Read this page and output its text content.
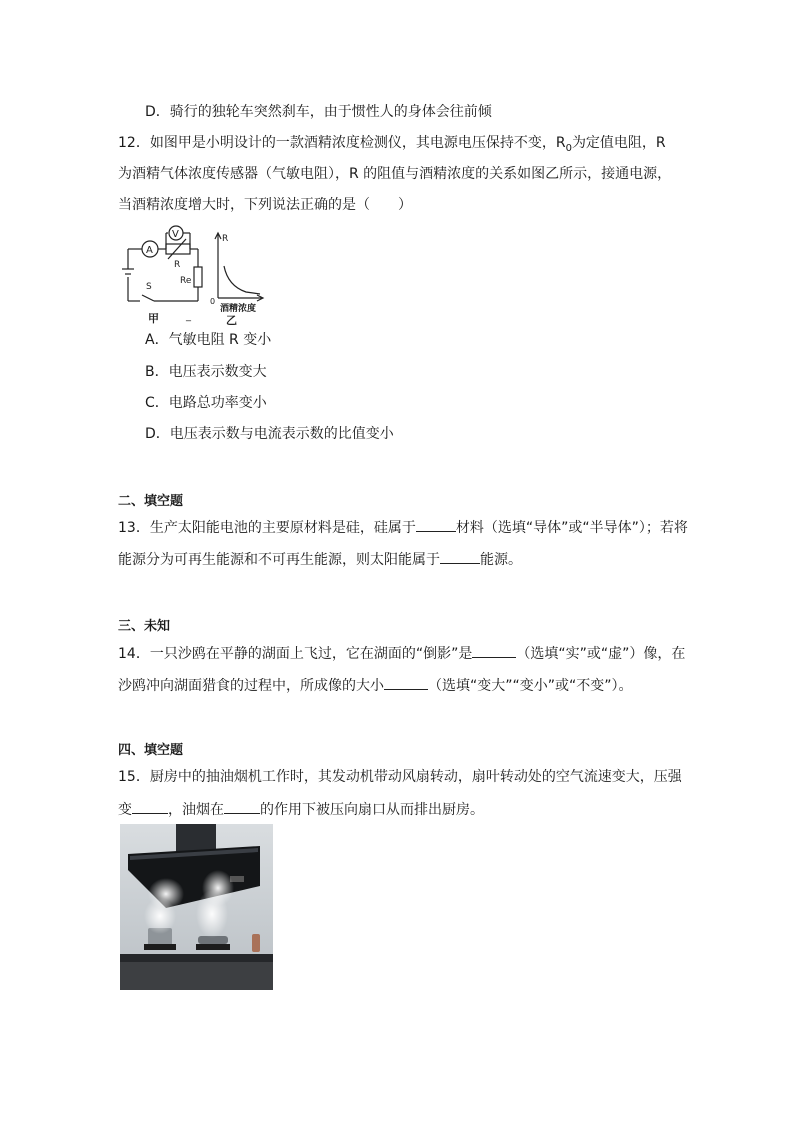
D．骑行的独轮车突然刹车，由于惯性人的身体会往前倾
12．如图甲是小明设计的一款酒精浓度检测仪，其电源电压保持不变，$R_0$为定值电阻，R
为酒精气体浓度传感器（气敏电阻），R 的阻值与酒精浓度的关系如图乙所示，接通电源，
当酒精浓度增大时，下列说法正确的是（　　）
A
V
R
Re
S
甲	_
R
0
酒精浓度
乙
A．气敏电阻 R 变小
B．电压表示数变大
C．电路总功率变小
D．电压表示数与电流表示数的比值变小
二、填空题
13．生产太阳能电池的主要原材料是硅，硅属于	材料（选填“导体”或“半导体”）；若将
能源分为可再生能源和不可再生能源，则太阳能属于	能源。
三、未知
14．一只沙鸥在平静的湖面上飞过，它在湖面的“倒影”是	（选填“实”或“虚”）像，在
沙鸥冲向湖面猎食的过程中，所成像的大小	（选填“变大”“变小”或“不变”）。
四、填空题
15．厨房中的抽油烟机工作时，其发动机带动风扇转动，扇叶转动处的空气流速变大，压强
变	，油烟在	的作用下被压向扇口从而排出厨房。
